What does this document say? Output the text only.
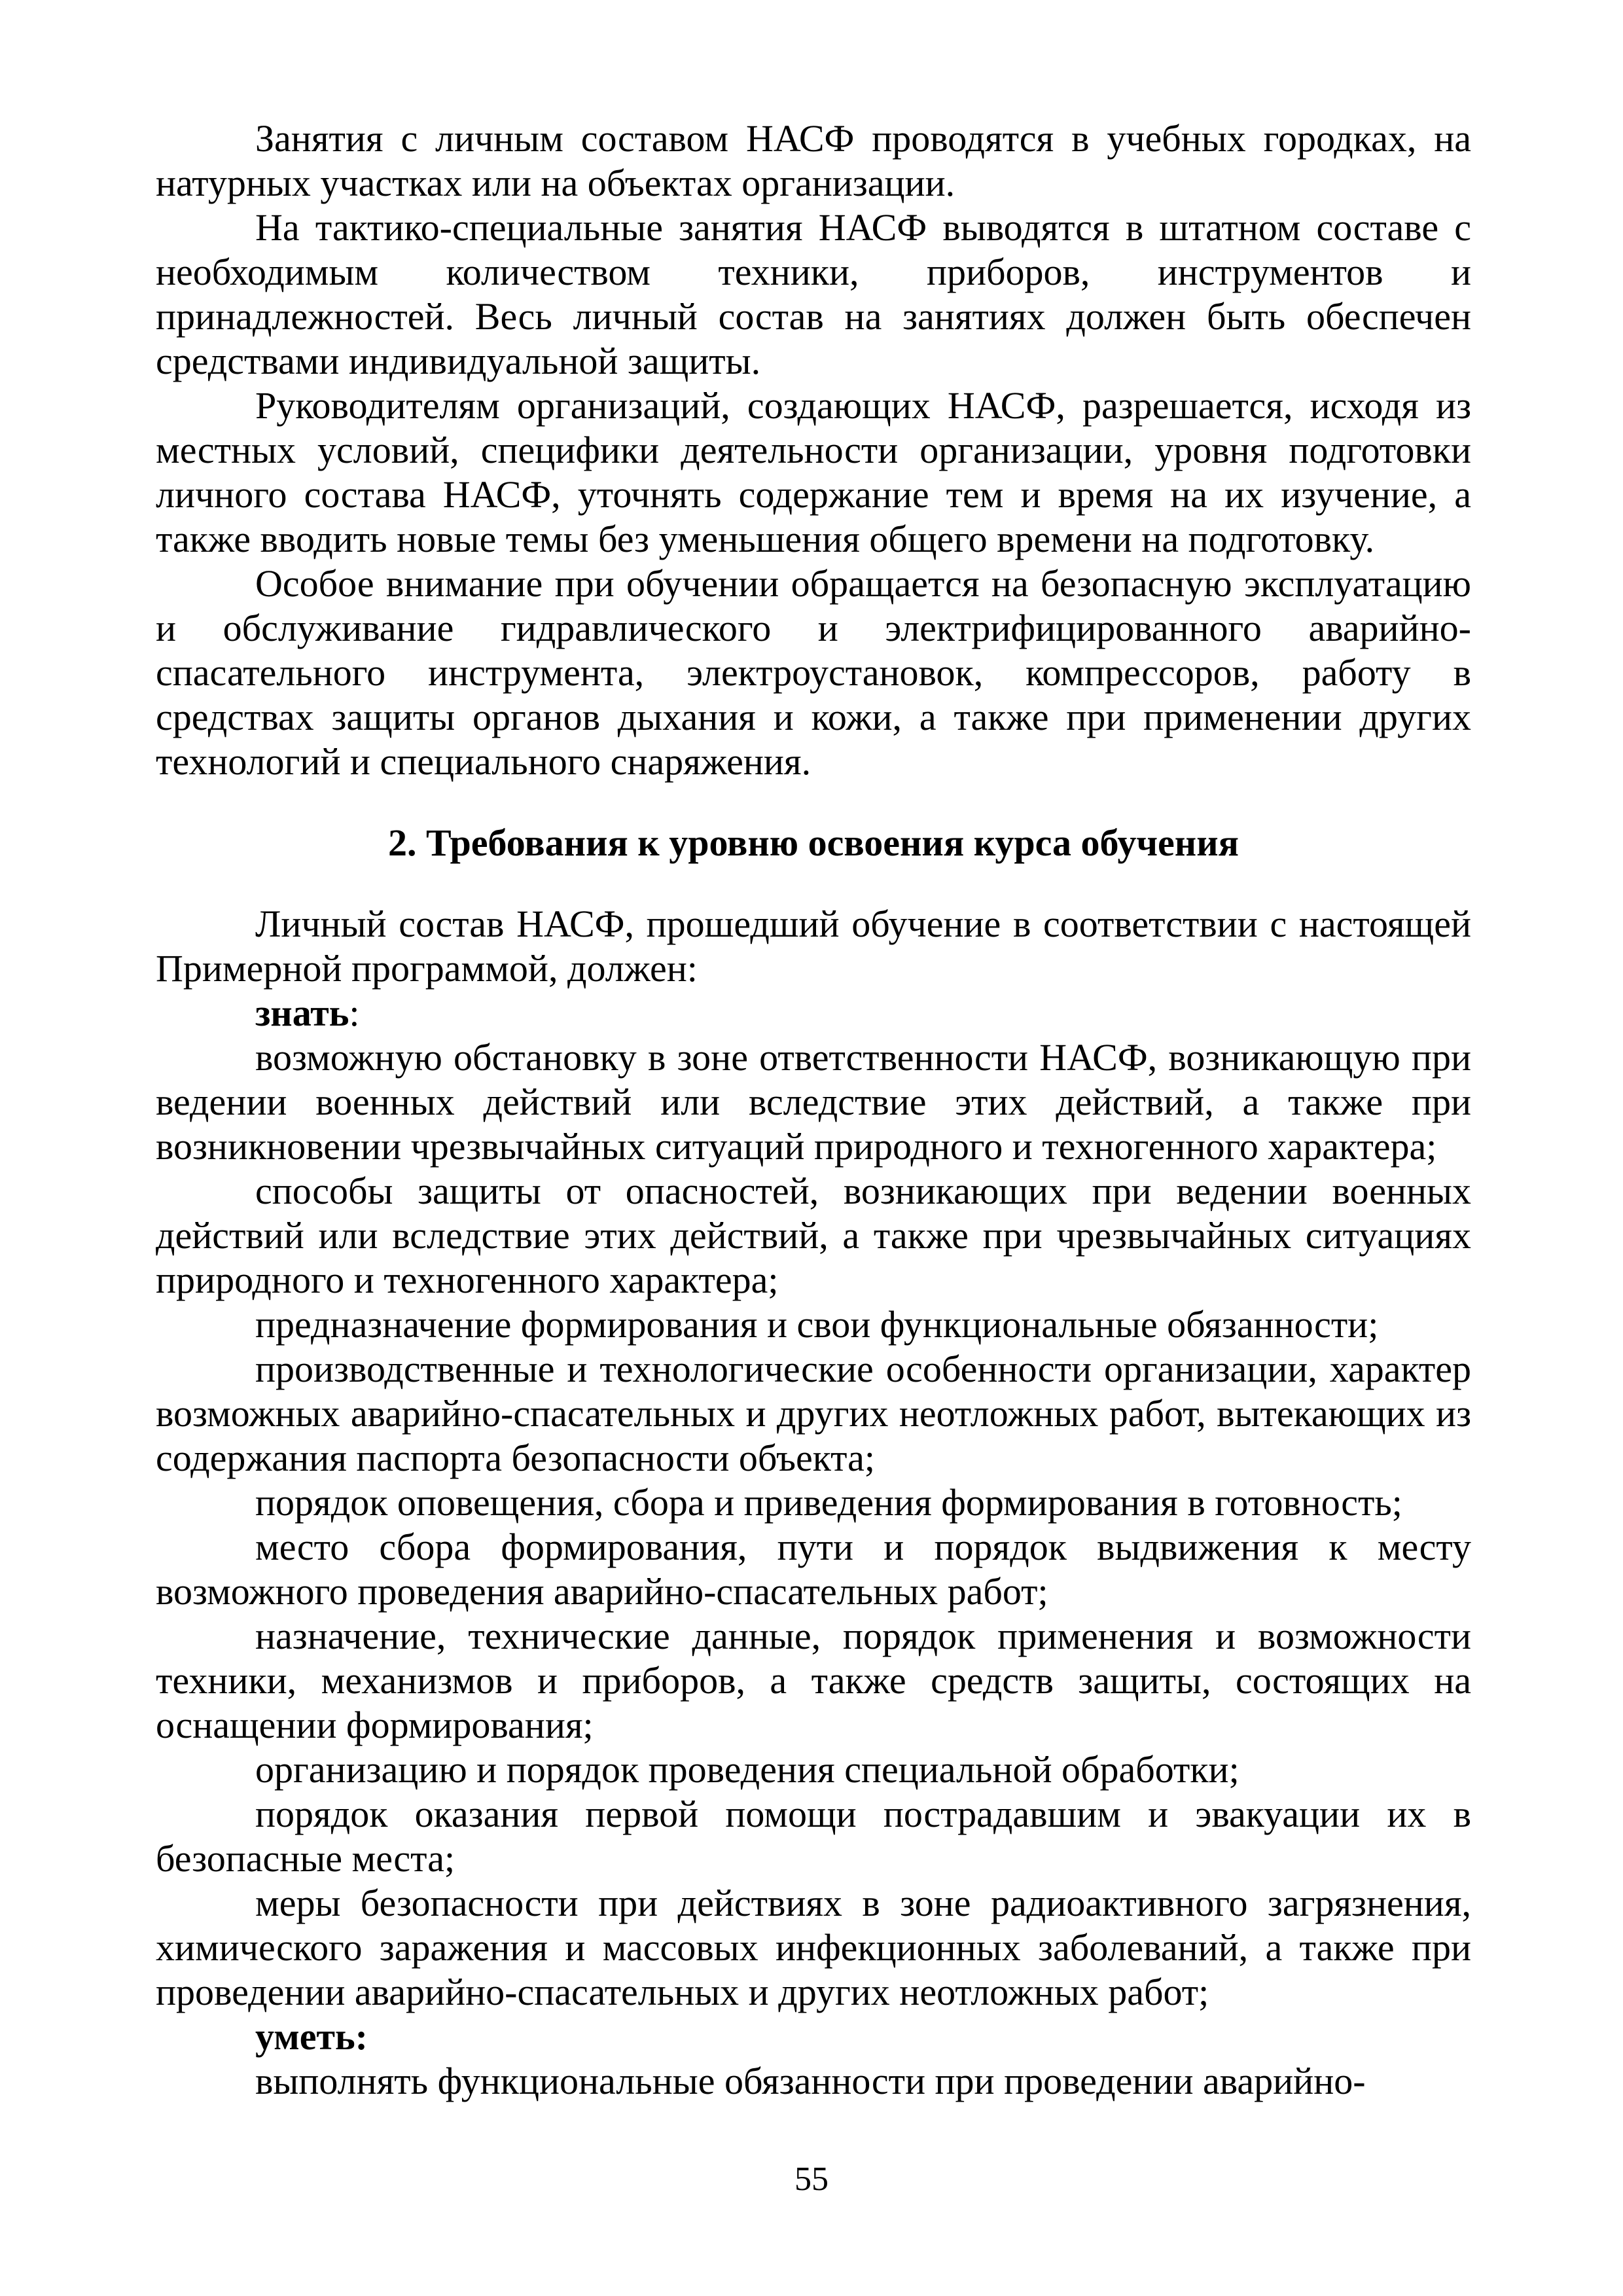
Занятия с личным составом НАСФ проводятся в учебных городках, на натурных участках или на объектах организации.

На тактико-специальные занятия НАСФ выводятся в штатном составе с необходимым количеством техники, приборов, инструментов и принадлежностей. Весь личный состав на занятиях должен быть обеспечен средствами индивидуальной защиты.

Руководителям организаций, создающих НАСФ, разрешается, исходя из местных условий, специфики деятельности организации, уровня подготовки личного состава НАСФ, уточнять содержание тем и время на их изучение, а также вводить новые темы без уменьшения общего времени на подготовку.

Особое внимание при обучении обращается на безопасную эксплуатацию и обслуживание гидравлического и электрифицированного аварийно-спасательного инструмента, электроустановок, компрессоров, работу в средствах защиты органов дыхания и кожи, а также при применении других технологий и специального снаряжения.

2. Требования к уровню освоения курса обучения

Личный состав НАСФ, прошедший обучение в соответствии с настоящей Примерной программой, должен:

знать:

возможную обстановку в зоне ответственности НАСФ, возникающую при ведении военных действий или вследствие этих действий, а также при возникновении чрезвычайных ситуаций природного и техногенного характера;

способы защиты от опасностей, возникающих при ведении военных действий или вследствие этих действий, а также при чрезвычайных ситуациях природного и техногенного характера;

предназначение формирования и свои функциональные обязанности;

производственные и технологические особенности организации, характер возможных аварийно-спасательных и других неотложных работ, вытекающих из содержания паспорта безопасности объекта;

порядок оповещения, сбора и приведения формирования в готовность;

место сбора формирования, пути и порядок выдвижения к месту возможного проведения аварийно-спасательных работ;

назначение, технические данные, порядок применения и возможности техники, механизмов и приборов, а также средств защиты, состоящих на оснащении формирования;

организацию и порядок проведения специальной обработки;

порядок оказания первой помощи пострадавшим и эвакуации их в безопасные места;

меры безопасности при действиях в зоне радиоактивного загрязнения, химического заражения и массовых инфекционных заболеваний, а также при проведении аварийно-спасательных и других неотложных работ;

уметь:

выполнять функциональные обязанности при проведении аварийно-

55
